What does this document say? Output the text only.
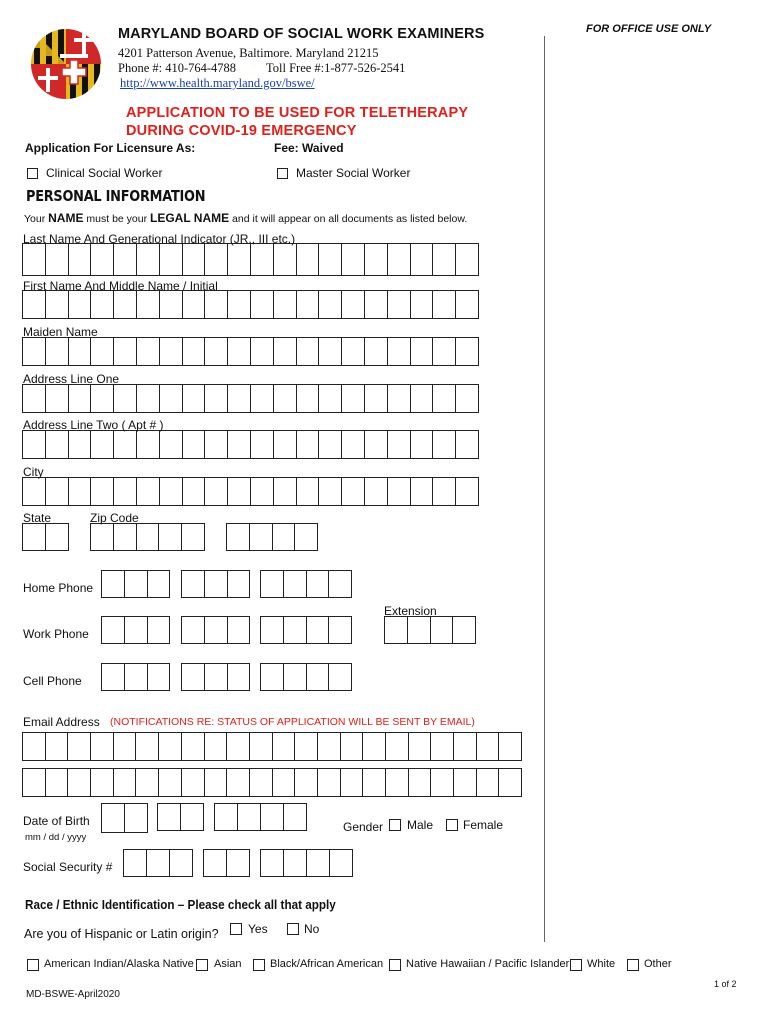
MARYLAND BOARD OF SOCIAL WORK EXAMINERS
4201 Patterson Avenue, Baltimore. Maryland 21215
Phone #: 410-764-4788 Toll Free #:1-877-526-2541
http://www.health.maryland.gov/bswe/
FOR OFFICE USE ONLY
APPLICATION TO BE USED FOR TELETHERAPY
DURING COVID-19 EMERGENCY
Application For Licensure As:	Fee: Waived
Clinical Social Worker	Master Social Worker
PERSONAL INFORMATION
Your NAME must be your LEGAL NAME and it will appear on all documents as listed below.
Last Name And Generational Indicator (JR., III etc.)
First Name And Middle Name / Initial
Maiden Name
Address Line One
Address Line Two ( Apt # )
City
State	Zip Code
Home Phone
Extension
Work Phone
Cell Phone
Email Address (NOTIFICATIONS RE: STATUS OF APPLICATION WILL BE SENT BY EMAIL)
Date of Birth
mm / dd / yyyy
Gender Male Female
Social Security #
Race / Ethnic Identification – Please check all that apply
Are you of Hispanic or Latin origin? Yes	No
American Indian/Alaska Native Asian	Black/African American Native Hawaiian / Pacific Islander White	Other
1 of 2
MD-BSWE-April2020
